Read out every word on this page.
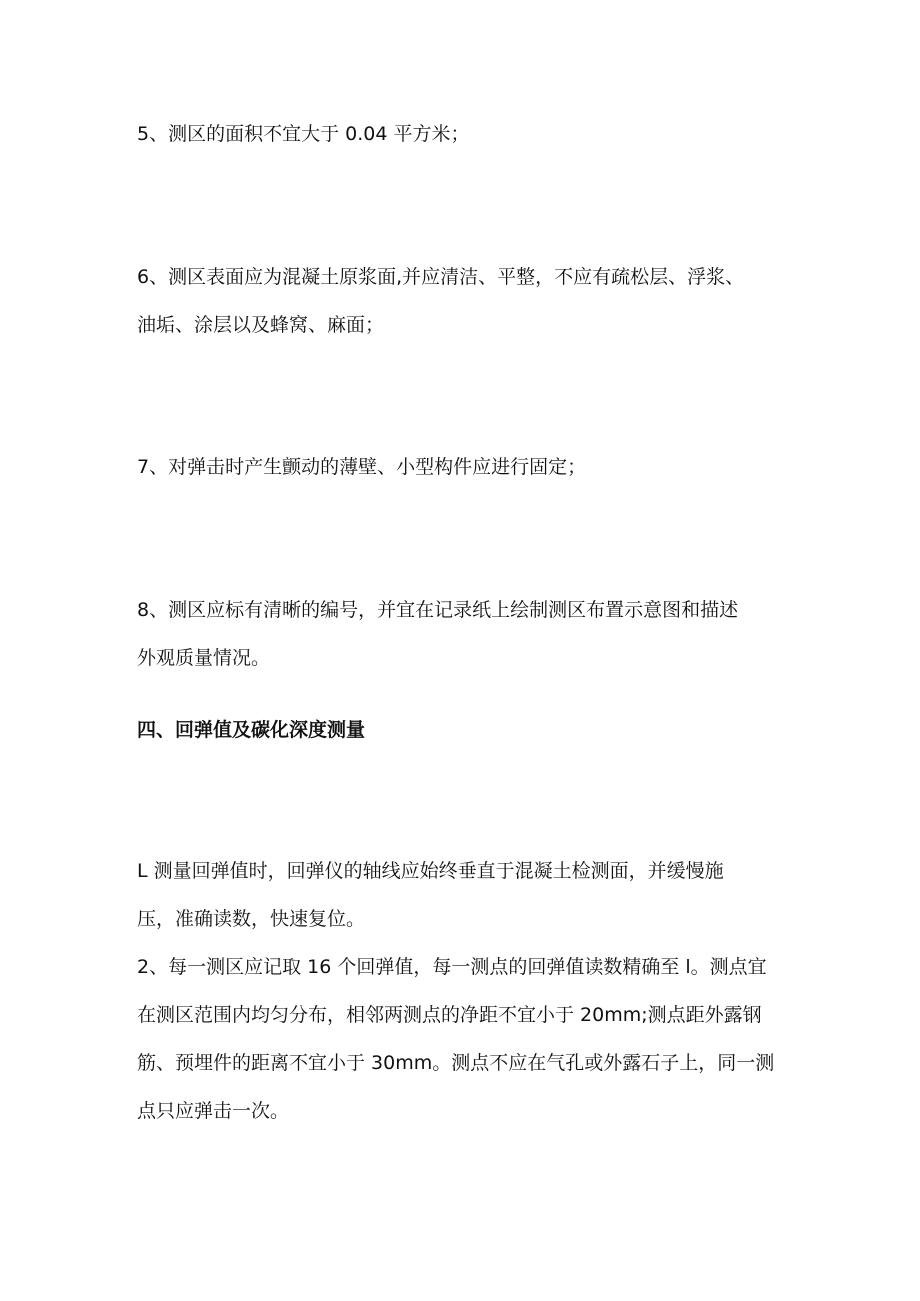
5、测区的面积不宜大于 0.04 平方米；

6、测区表面应为混凝土原浆面,并应清洁、平整，不应有疏松层、浮浆、
油垢、涂层以及蜂窝、麻面；

7、对弹击时产生颤动的薄壁、小型构件应进行固定；

8、测区应标有清晰的编号，并宜在记录纸上绘制测区布置示意图和描述
外观质量情况。

四、回弹值及碳化深度测量

L 测量回弹值时，回弹仪的轴线应始终垂直于混凝土检测面，并缓慢施
压，准确读数，快速复位。

2、每一测区应记取 16 个回弹值，每一测点的回弹值读数精确至 l。测点宜
在测区范围内均匀分布，相邻两测点的净距不宜小于 20mm;测点距外露钢
筋、预埋件的距离不宜小于 30mm。测点不应在气孔或外露石子上，同一测
点只应弹击一次。
